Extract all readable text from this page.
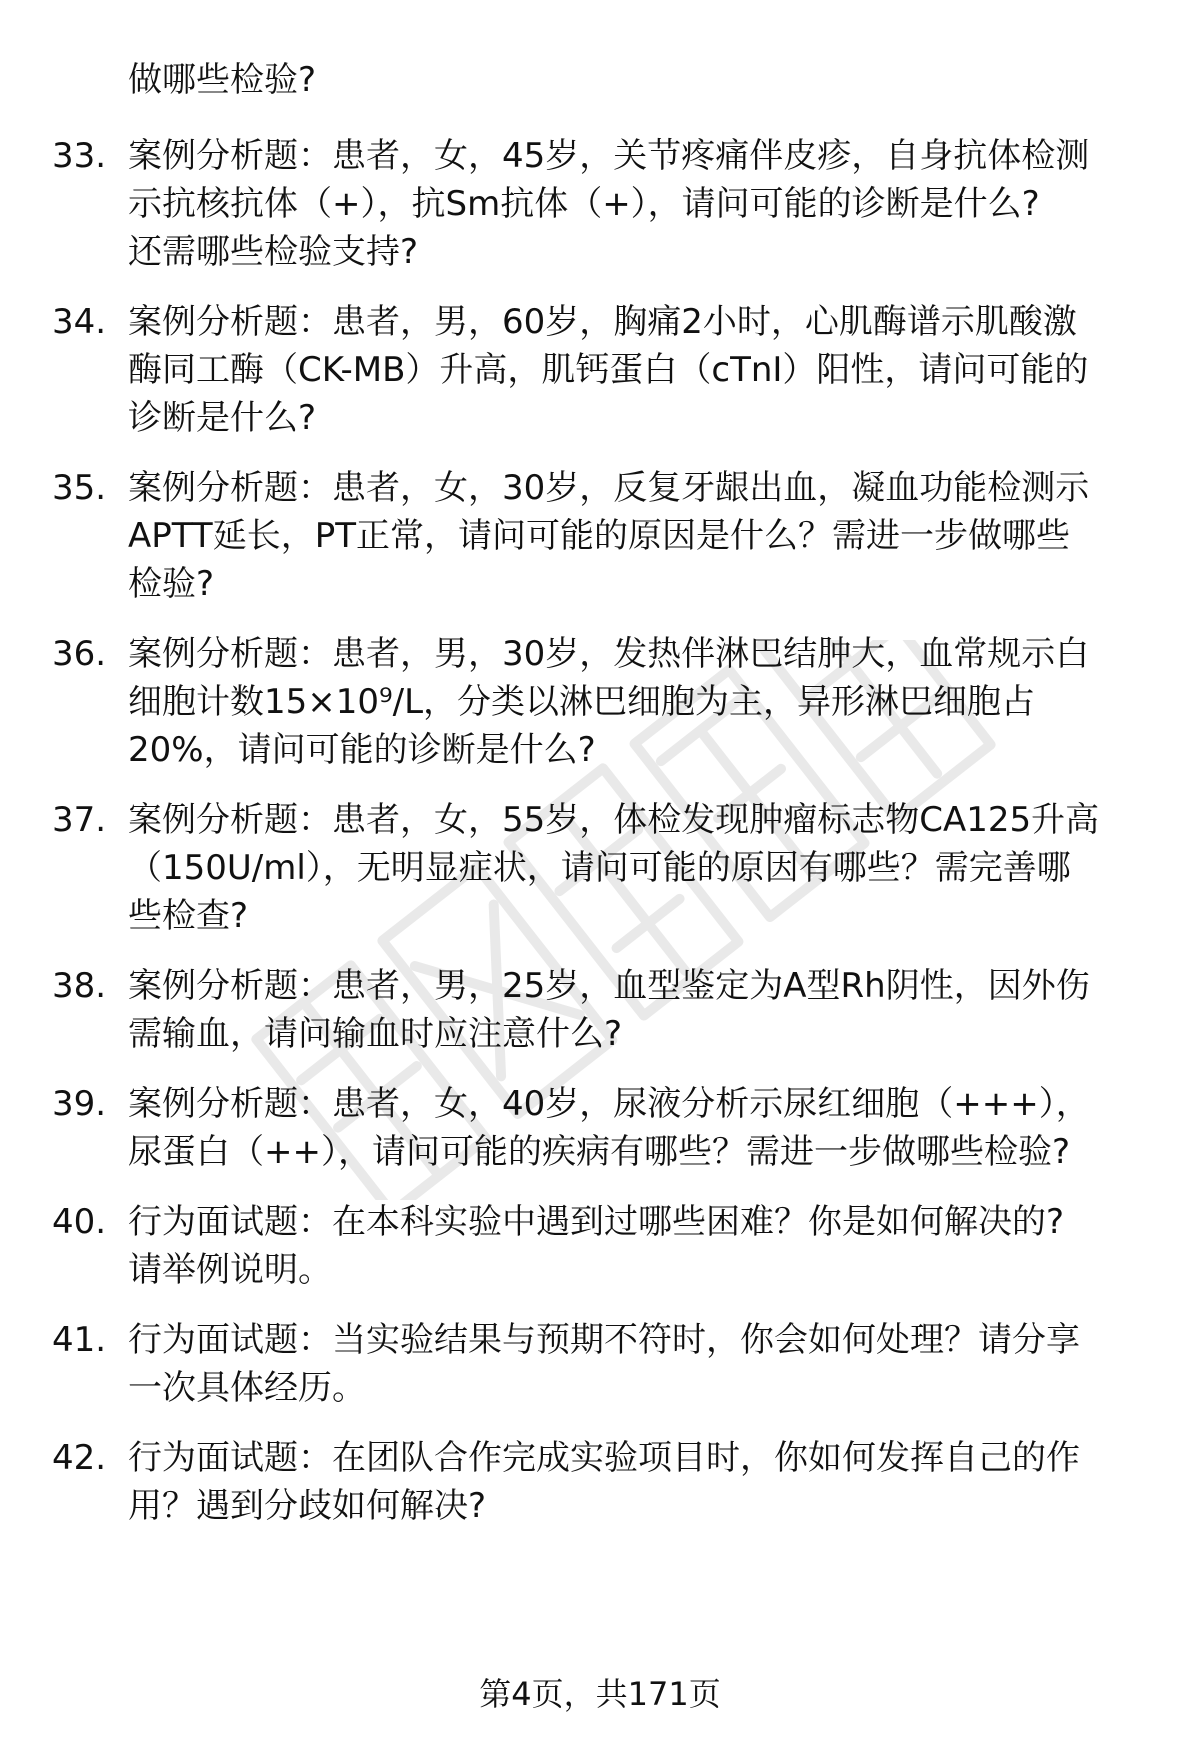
做哪些检验?
33. 案例分析题：患者，女，45岁，关节疼痛伴皮疹，自身抗体检测
示抗核抗体（+），抗Sm抗体（+），请问可能的诊断是什么?
还需哪些检验支持?
34. 案例分析题：患者，男，60岁，胸痛2小时，心肌酶谱示肌酸激
酶同工酶（CK-MB）升高，肌钙蛋白（cTnI）阳性，请问可能的
诊断是什么?
35. 案例分析题：患者，女，30岁，反复牙龈出血，凝血功能检测示
APTT延长，PT正常，请问可能的原因是什么？需进一步做哪些
检验?
36. 案例分析题：患者，男，30岁，发热伴淋巴结肿大，血常规示白
细胞计数15×10⁹/L，分类以淋巴细胞为主，异形淋巴细胞占
20%，请问可能的诊断是什么?
37. 案例分析题：患者，女，55岁，体检发现肿瘤标志物CA125升高
（150U/ml），无明显症状，请问可能的原因有哪些？需完善哪
些检查?
38. 案例分析题：患者，男，25岁，血型鉴定为A型Rh阴性，因外伤
需输血，请问输血时应注意什么?
39. 案例分析题：患者，女，40岁，尿液分析示尿红细胞（+++），
尿蛋白（++），请问可能的疾病有哪些？需进一步做哪些检验?
40. 行为面试题：在本科实验中遇到过哪些困难？你是如何解决的?
请举例说明。
41. 行为面试题：当实验结果与预期不符时，你会如何处理？请分享
一次具体经历。
42. 行为面试题：在团队合作完成实验项目时，你如何发挥自己的作
用？遇到分歧如何解决?
第4页，共171页
